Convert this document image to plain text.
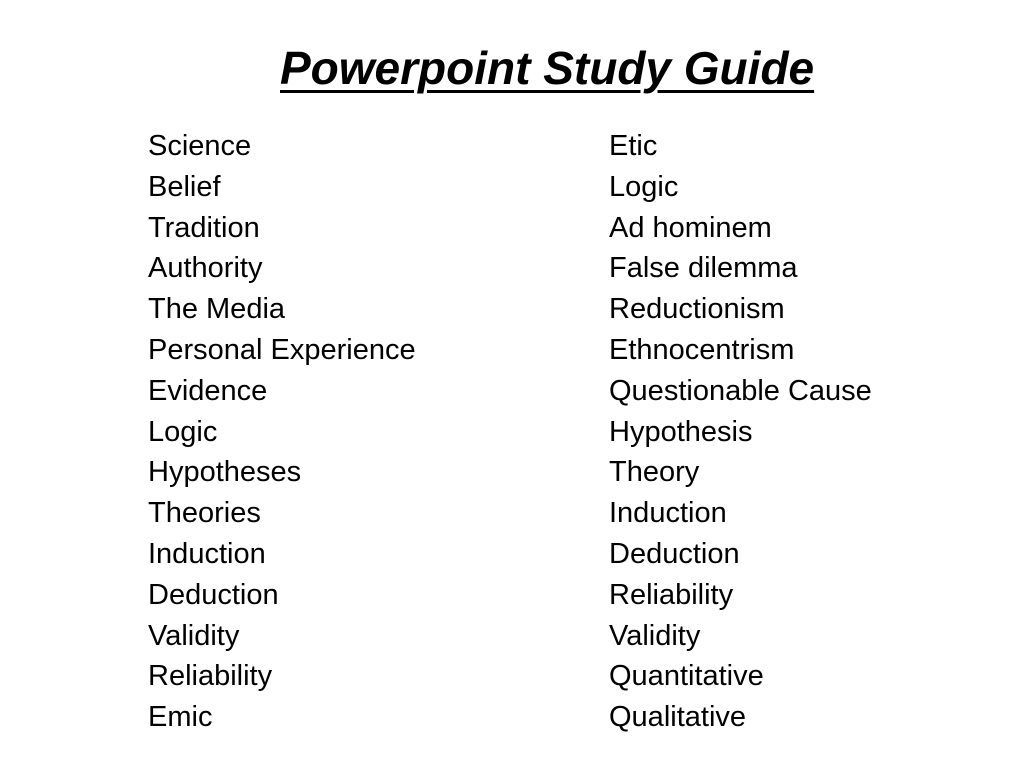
Powerpoint Study Guide
Science
Belief
Tradition
Authority
The Media
Personal Experience
Evidence
Logic
Hypotheses
Theories
Induction
Deduction
Validity
Reliability
Emic
Etic
Logic
Ad hominem
False dilemma
Reductionism
Ethnocentrism
Questionable Cause
Hypothesis
Theory
Induction
Deduction
Reliability
Validity
Quantitative
Qualitative
